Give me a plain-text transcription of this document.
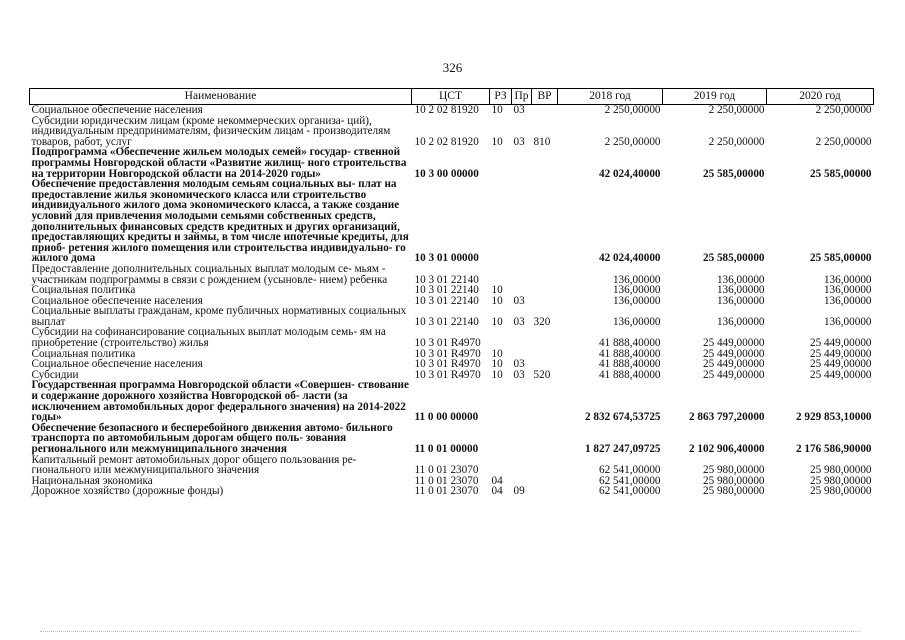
326
Наименование	ЦСТ	РЗ	Пр	ВР	2018 год	2019 год	2020 год
Социальное обеспечение населения	10 2 02 81920	10	03		2 250,00000	2 250,00000	2 250,00000
Субсидии юридическим лицам (кроме некоммерческих организа- ций), индивидуальным предпринимателям, физическим лицам - производителям товаров, работ, услуг	10 2 02 81920	10	03	810	2 250,00000	2 250,00000	2 250,00000
Подпрограмма «Обеспечение жильем молодых семей» государ- ственной программы Новгородской области «Развитие жилищ- ного строительства на территории Новгородской области на 2014-2020 годы»	10 3 00 00000				42 024,40000	25 585,00000	25 585,00000
Обеспечение предоставления молодым семьям социальных вы- плат на предоставление жилья экономического класса или строительство индивидуального жилого дома экономического класса, а также создание условий для привлечения молодыми семьями собственных средств, дополнительных финансовых средств кредитных и других организаций, предоставляющих кредиты и займы, в том числе ипотечные кредиты, для приоб- ретения жилого помещения или строительства индивидуально- го жилого дома	10 3 01 00000				42 024,40000	25 585,00000	25 585,00000
Предоставление дополнительных социальных выплат молодым се- мьям - участникам подпрограммы в связи с рождением (усыновле- нием) ребенка	10 3 01 22140				136,00000	136,00000	136,00000
Социальная политика	10 3 01 22140	10			136,00000	136,00000	136,00000
Социальное обеспечение населения	10 3 01 22140	10	03		136,00000	136,00000	136,00000
Социальные выплаты гражданам, кроме публичных нормативных социальных выплат	10 3 01 22140	10	03	320	136,00000	136,00000	136,00000
Субсидии на софинансирование социальных выплат молодым семь- ям на приобретение (строительство) жилья	10 3 01 R4970				41 888,40000	25 449,00000	25 449,00000
Социальная политика	10 3 01 R4970	10			41 888,40000	25 449,00000	25 449,00000
Социальное обеспечение населения	10 3 01 R4970	10	03		41 888,40000	25 449,00000	25 449,00000
Субсидии	10 3 01 R4970	10	03	520	41 888,40000	25 449,00000	25 449,00000
Государственная программа Новгородской области «Совершен- ствование и содержание дорожного хозяйства Новгородской об- ласти (за исключением автомобильных дорог федерального значения) на 2014-2022 годы»	11 0 00 00000				2 832 674,53725	2 863 797,20000	2 929 853,10000
Обеспечение безопасного и бесперебойного движения автомо- бильного транспорта по автомобильным дорогам общего поль- зования регионального или межмуниципального значения	11 0 01 00000				1 827 247,09725	2 102 906,40000	2 176 586,90000
Капитальный ремонт автомобильных дорог общего пользования ре- гионального или межмуниципального значения	11 0 01 23070				62 541,00000	25 980,00000	25 980,00000
Национальная экономика	11 0 01 23070	04			62 541,00000	25 980,00000	25 980,00000
Дорожное хозяйство (дорожные фонды)	11 0 01 23070	04	09		62 541,00000	25 980,00000	25 980,00000
